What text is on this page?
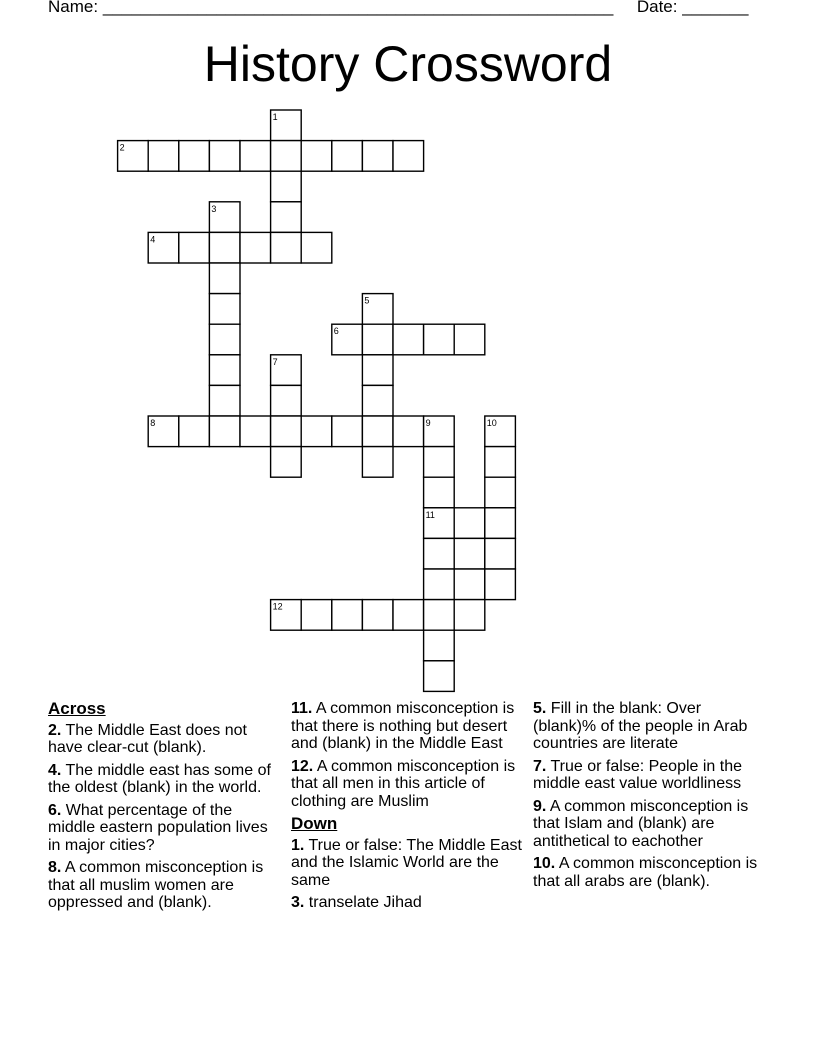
Name: ______________________________________________________ Date: _______
History Crossword
1
2
3
4
5
6
7
8	9	10
11
12
Across
2. The Middle East does not have clear-cut (blank).
4. The middle east has some of the oldest (blank) in the world.
6. What percentage of the middle eastern population lives in major cities?
8. A common misconception is that all muslim women are oppressed and (blank).
11. A common misconception is that there is nothing but desert and (blank) in the Middle East
12. A common misconception is that all men in this article of clothing are Muslim
Down
1. True or false: The Middle East and the Islamic World are the same
3. transelate Jihad
5. Fill in the blank: Over (blank)% of the people in Arab countries are literate
7. True or false: People in the middle east value worldliness
9. A common misconception is that Islam and (blank) are antithetical to eachother
10. A common misconception is that all arabs are (blank).
